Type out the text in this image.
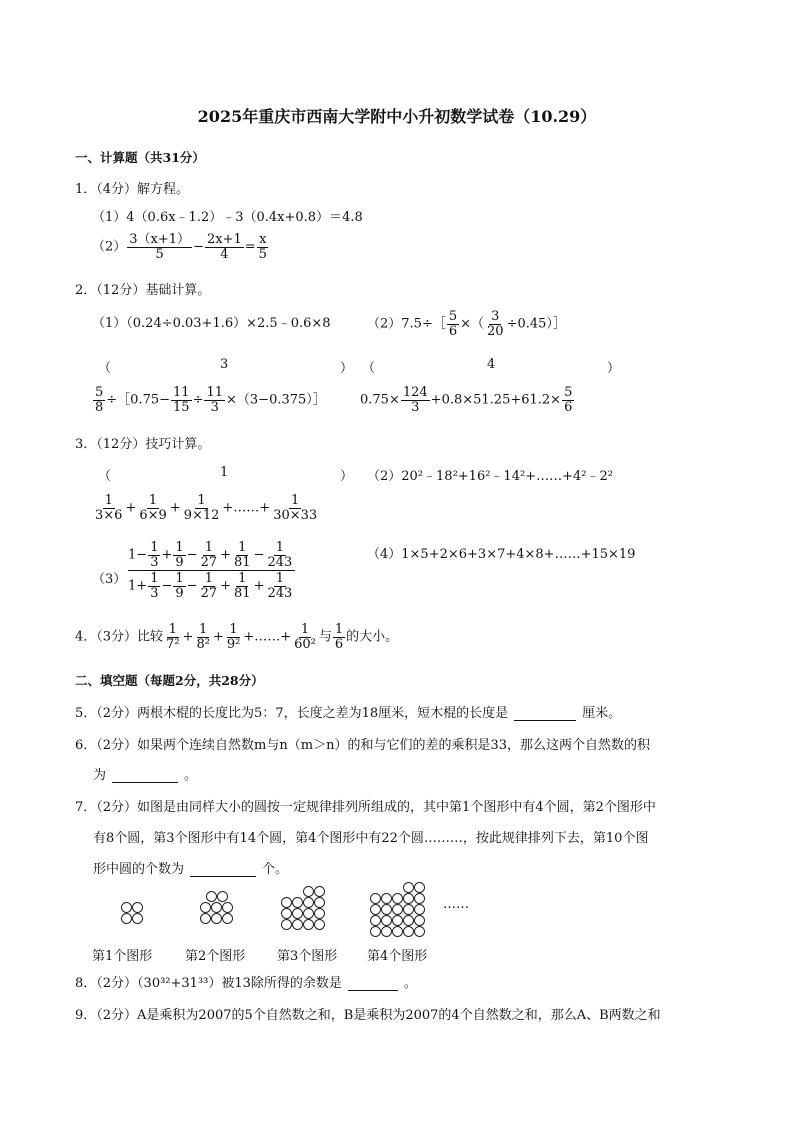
2025年重庆市西南大学附中小升初数学试卷（10.29）
一、计算题（共31分）
1．（4分）解方程。
（1）4（0.6x﹣1.2）﹣3（0.4x+0.8）＝4.8
$(2) \frac{3(x+1)}{5} - \frac{2x+1}{4} = \frac{x}{5}$
2．（12分）基础计算。
（1）（0.24÷0.03+1.6）×2.5﹣0.6×8	（2）7.5÷［ $\frac{5}{6}$ ×（ $\frac{3}{20}$ ÷0.45）］
（	3	） （	4	）
$\frac{5}{8}$ ÷［0.75− $\frac{11}{15} \div \frac{11}{3}$ ×（3−0.375）］	$0.75\times \frac{124}{3} +0.8\times 51.25+61.2\times \frac{5}{6}$
3．（12分）技巧计算。
（	1	） （2）20²﹣18²+16²﹣14²+……+4²﹣2²
$\frac{1}{3\times 6} + \frac{1}{6\times 9} + \frac{1}{9\times 12}$ +……+ $\frac{1}{30\times 33}$
$(3) \frac{1- \frac{1}{3} + \frac{1}{9} - \frac{1}{27} + \frac{1}{81} - \frac{1}{243}}{1+ \frac{1}{3} - \frac{1}{9} - \frac{1}{27} + \frac{1}{81} + \frac{1}{243}}$	（4）1×5+2×6+3×7+4×8+……+15×19
4．（3分）比较 $\frac{1}{\text{7²}} + \frac{1}{\text{8²}} + \frac{1}{\text{9²}}$ +……+ $\frac{1}{\text{60²}}$ 与 $\frac{1}{6}$ 的大小。
二、填空题（每题2分，共28分）
5．（2分）两根木棍的长度比为5：7，长度之差为18厘米，短木棍的长度是	厘米。
6．（2分）如果两个连续自然数m与n（m＞n）的和与它们的差的乘积是33，那么这两个自然数的积
为	。
7．（2分）如图是由同样大小的圆按一定规律排列所组成的，其中第1个图形中有4个圆，第2个图形中
有8个圆，第3个图形中有14个圆，第4个图形中有22个圆………，按此规律排列下去，第10个图
形中圆的个数为	个。
……
第1个图形	第2个图形 第3个图形 第4个图形
8．（2分）（30³²+31³³）被13除所得的余数是	。
9．（2分）A是乘积为2007的5个自然数之和，B是乘积为2007的4个自然数之和，那么A、B两数之和
